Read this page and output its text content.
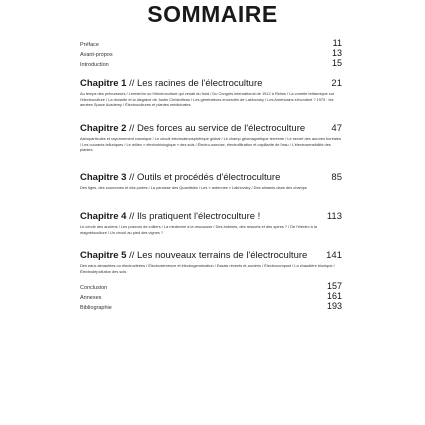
SOMMAIRE
Préface	11
Avant-propos	13
Introduction	15
Chapitre 1 // Les racines de l'électroculture	21
Au temps des précurseurs / Lemström ou l'électroculture qui venait du froid / Du Congrès international de 1912 à Reims / La comète britannique sur l'électroculture / La réussite et la disgrâce de Justin Christofleau / Les générateurs encerclés de Lakhovsky / Les Américains s'écoutent ? 1970 : les années Space Academy / Électrocultures et plantes médicinales
Chapitre 2 // Des forces au service de l'électroculture	47
Astroparticules et rayonnement cosmique / Le circuit électroatmosphérique global / Le champ géomagnétique terrestre / Le secret des aurores boréales / Les courants telluriques / Le milieu « électrobiologique » des sols / Électro-osmose, électrofiltration et capillarité de l'eau / L'électrosensibilité des plantes
Chapitre 3 // Outils et procédés d'électroculture	85
Des tiges, des couronnes et des portes / La paroisse des Quantistes / Les « antennes » Lakhovsky / Des aimants dans des champs
Chapitre 4 // Ils pratiquent l'électroculture !	113
Le cercle des anciens / Les poseurs de colliers / La médecine à la rescousse / Des bobines, des ressorts et des spires ? / De l'électro à la magnétoculture / Un circuit au pied des vignes ?
Chapitre 5 // Les nouveaux terrains de l'électroculture 141
Des eaux aimantées ou électrovitrées / Électrosémence et électrogermination / Essais récents et anciens / Électrocompost / La chaudière bionique / Électrodépollution des sols
Conclusion	157
Annexes	161
Bibliographie	193
